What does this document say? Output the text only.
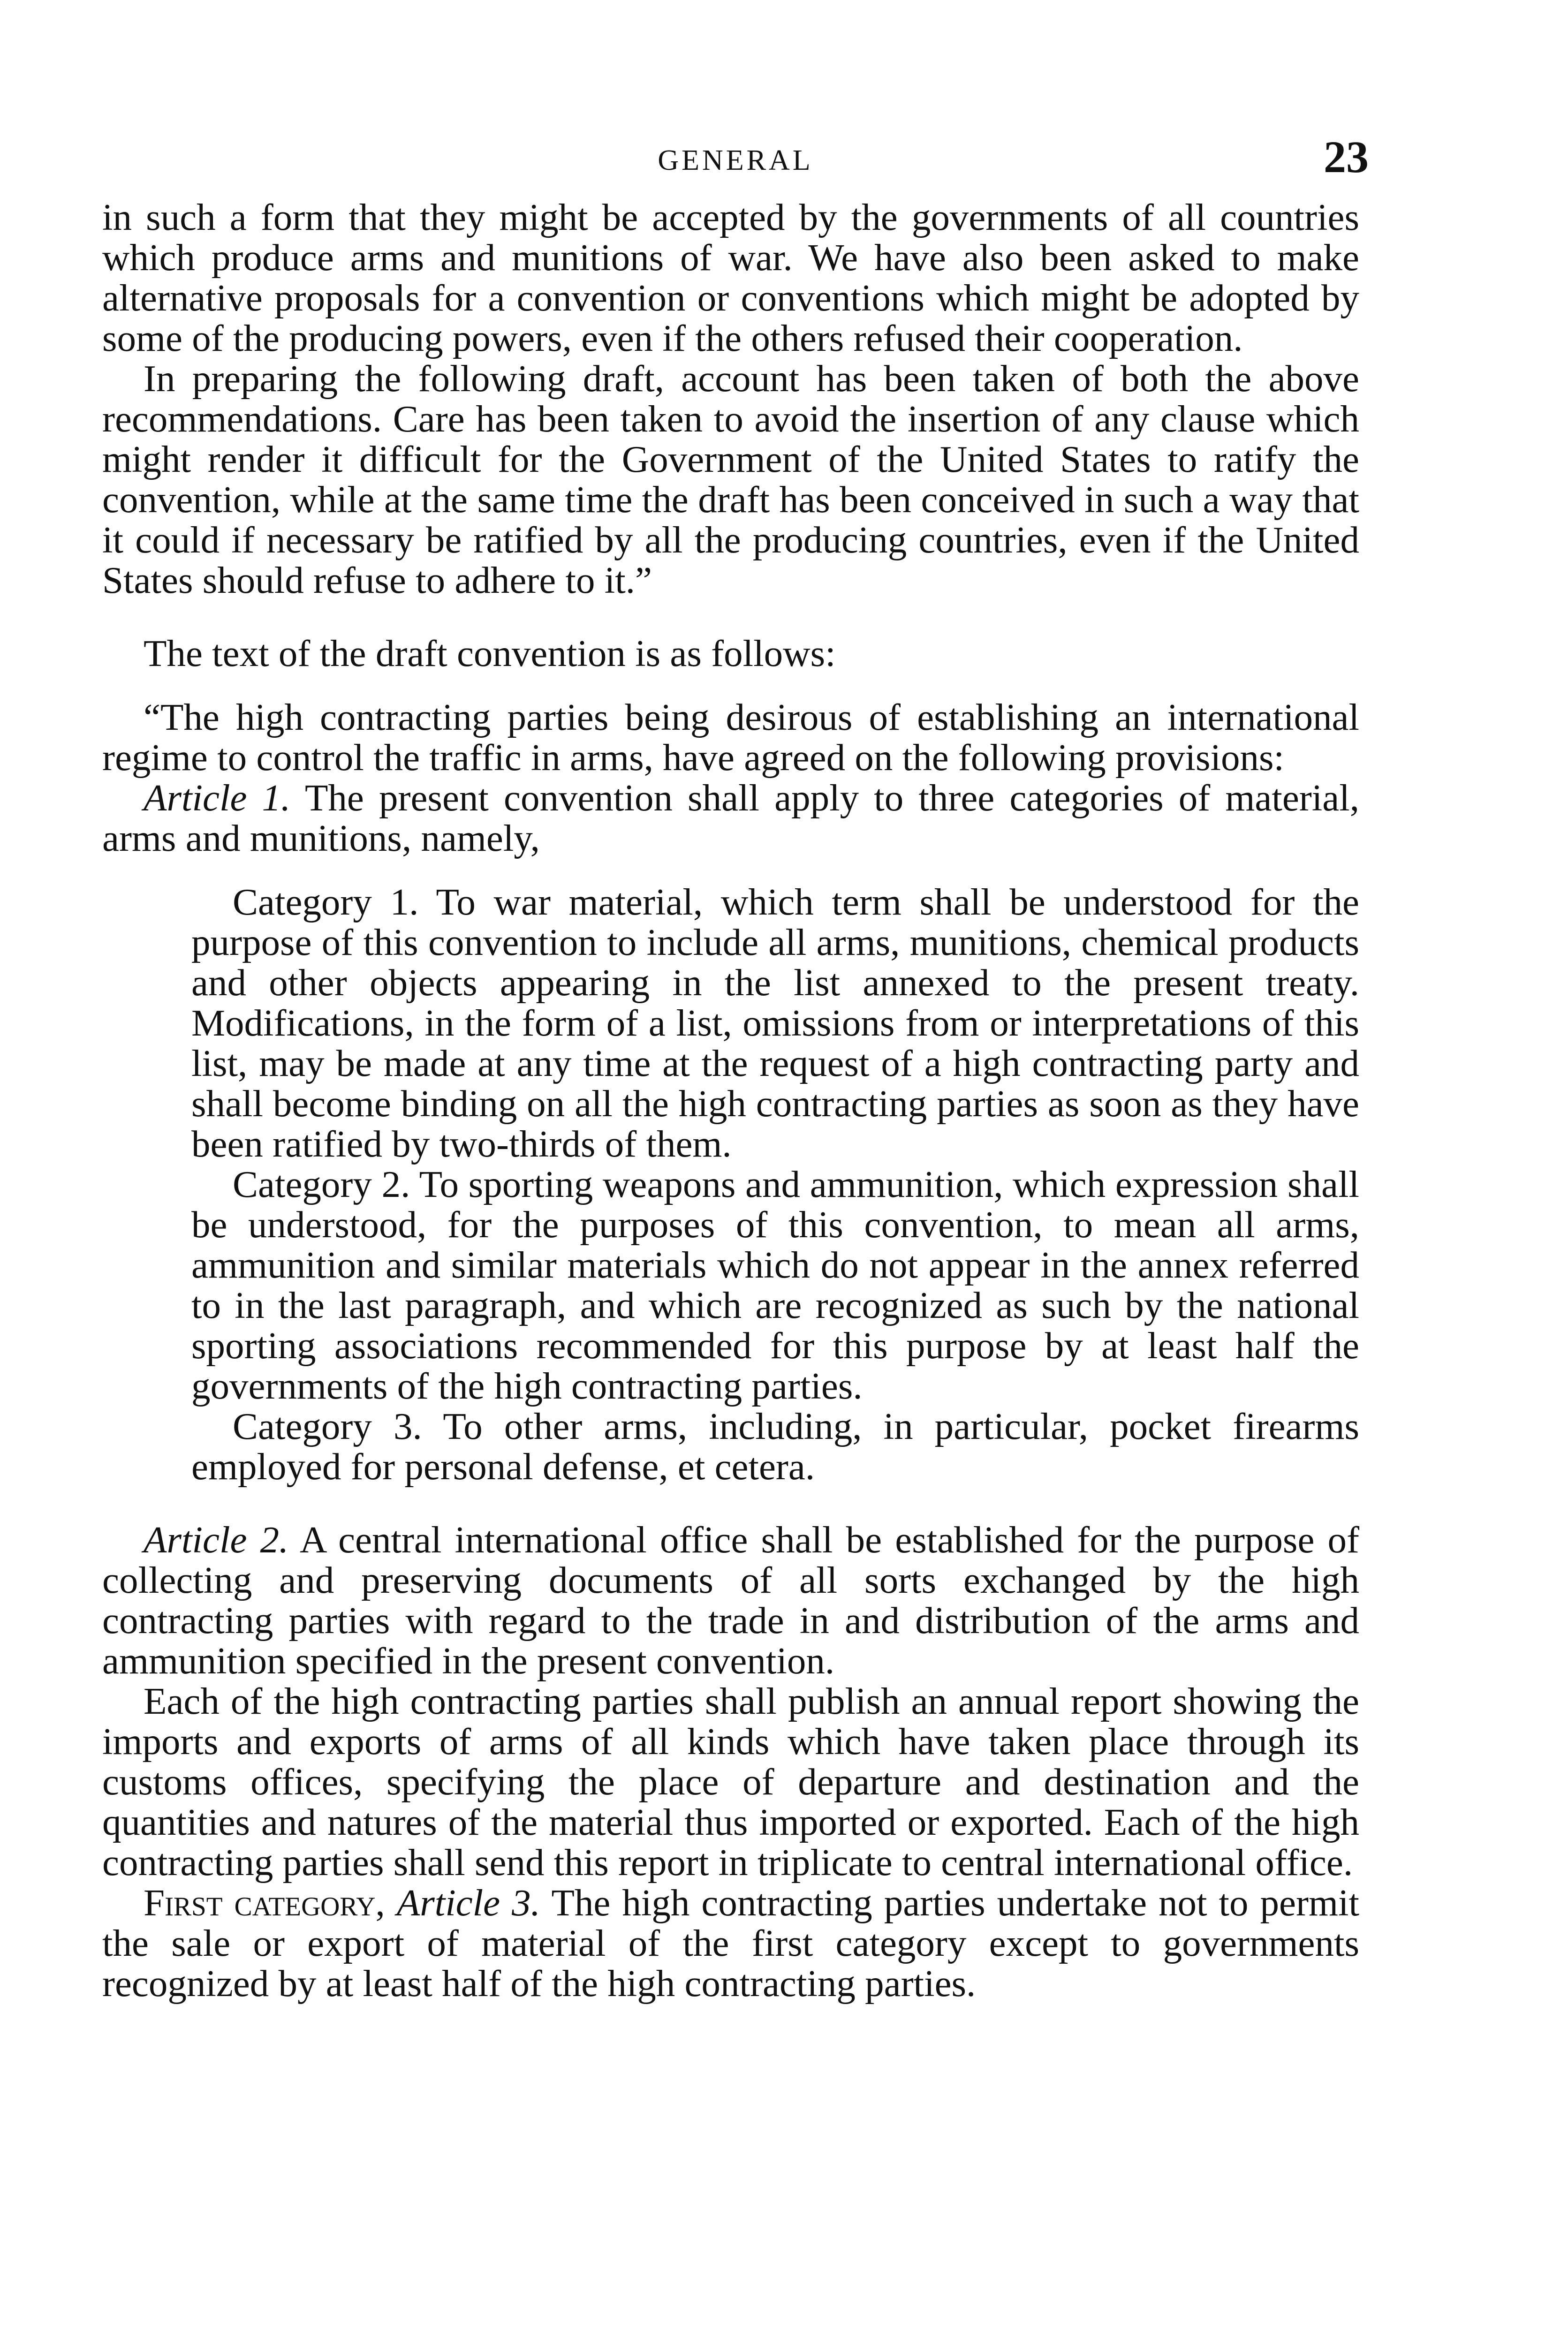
GENERAL	23

in such a form that they might be accepted by the governments of all countries which produce arms and munitions of war. We have also been asked to make alternative proposals for a convention or conventions which might be adopted by some of the producing powers, even if the others refused their cooperation.

In preparing the following draft, account has been taken of both the above recommendations. Care has been taken to avoid the insertion of any clause which might render it difficult for the Government of the United States to ratify the convention, while at the same time the draft has been conceived in such a way that it could if necessary be ratified by all the producing countries, even if the United States should refuse to adhere to it.”

The text of the draft convention is as follows:

“The high contracting parties being desirous of establishing an international regime to control the traffic in arms, have agreed on the following provisions:

Article 1. The present convention shall apply to three categories of material, arms and munitions, namely,

Category 1. To war material, which term shall be understood for the purpose of this convention to include all arms, munitions, chemical products and other objects appearing in the list annexed to the present treaty. Modifications, in the form of a list, omissions from or interpretations of this list, may be made at any time at the request of a high contracting party and shall become binding on all the high contracting parties as soon as they have been ratified by two-thirds of them.

Category 2. To sporting weapons and ammunition, which expression shall be understood, for the purposes of this convention, to mean all arms, ammunition and similar materials which do not appear in the annex referred to in the last paragraph, and which are recognized as such by the national sporting associations recommended for this purpose by at least half the governments of the high contracting parties.

Category 3. To other arms, including, in particular, pocket firearms employed for personal defense, et cetera.

Article 2. A central international office shall be established for the purpose of collecting and preserving documents of all sorts exchanged by the high contracting parties with regard to the trade in and distribution of the arms and ammunition specified in the present convention.

Each of the high contracting parties shall publish an annual report showing the imports and exports of arms of all kinds which have taken place through its customs offices, specifying the place of departure and destination and the quantities and natures of the material thus imported or exported. Each of the high contracting parties shall send this report in triplicate to central international office.

First category, Article 3. The high contracting parties undertake not to permit the sale or export of material of the first category except to governments recognized by at least half of the high contracting parties.
